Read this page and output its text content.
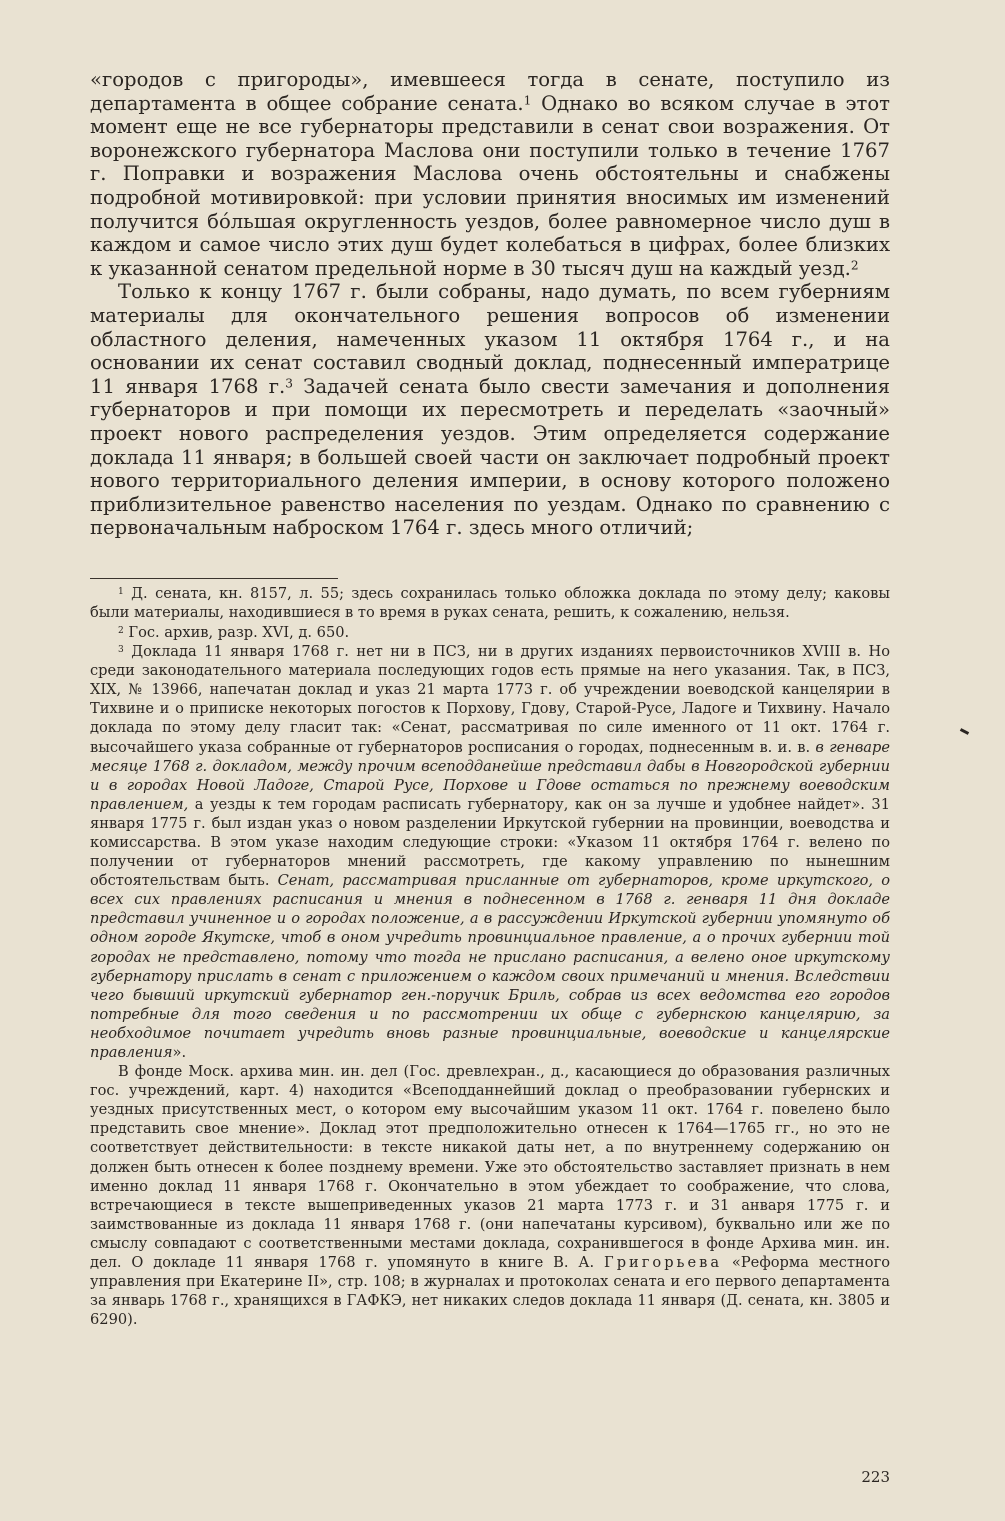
«городов с пригороды», имевшееся тогда в сенате, поступило из департамента в общее собрание сената.$^1$ Однако во всяком случае в этот момент еще не все губернаторы представили в сенат свои возражения. От воронежского губернатора Маслова они поступили только в течение 1767 г. Поправки и возражения Маслова очень обстоятельны и снабжены подробной мотивировкой: при условии принятия вносимых им изменений получится бóльшая округленность уездов, более равномерное число душ в каждом и самое число этих душ будет колебаться в цифрах, более близких к указанной сенатом предельной норме в 30 тысяч душ на каждый уезд.$^2$

Только к концу 1767 г. были собраны, надо думать, по всем губерниям материалы для окончательного решения вопросов об изменении областного деления, намеченных указом 11 октября 1764 г., и на основании их сенат составил сводный доклад, поднесенный императрице 11 января 1768 г.$^3$ Задачей сената было свести замечания и дополнения губернаторов и при помощи их пересмотреть и переделать «заочный» проект нового распределения уездов. Этим определяется содержание доклада 11 января; в большей своей части он заключает подробный проект нового территориального деления империи, в основу которого положено приблизительное равенство населения по уездам. Однако по сравнению с первоначальным наброском 1764 г. здесь много отличий;

$^1$ Д. сената, кн. 8157, л. 55; здесь сохранилась только обложка доклада по этому делу; каковы были материалы, находившиеся в то время в руках сената, решить, к сожалению, нельзя.

$^2$ Гос. архив, разр. XVI, д. 650.

$^3$ Доклада 11 января 1768 г. нет ни в ПСЗ, ни в других изданиях первоисточников XVIII в. Но среди законодательного материала последующих годов есть прямые на него указания. Так, в ПСЗ, XIX, № 13966, напечатан доклад и указ 21 марта 1773 г. об учреждении воеводской канцелярии в Тихвине и о приписке некоторых погостов к Порхову, Гдову, Старой-Русе, Ладоге и Тихвину. Начало доклада по этому делу гласит так: «Сенат, рассматривая по силе именного от 11 окт. 1764 г. высочайшего указа собранные от губернаторов росписания о городах, поднесенным в. и. в. в генваре месяце 1768 г. докладом, между прочим всеподданейше представил дабы в Новгородской губернии и в городах Новой Ладоге, Старой Русе, Порхове и Гдове остаться по прежнему воеводским правлением, а уезды к тем городам расписать губернатору, как он за лучше и удобнее найдет». 31 января 1775 г. был издан указ о новом разделении Иркутской губернии на провинции, воеводства и комиссарства. В этом указе находим следующие строки: «Указом 11 октября 1764 г. велено по получении от губернаторов мнений рассмотреть, где какому управлению по нынешним обстоятельствам быть. Сенат, рассматривая присланные от губернаторов, кроме иркутского, о всех сих правлениях расписания и мнения в поднесенном в 1768 г. генваря 11 дня докладе представил учиненное и о городах положение, а в рассуждении Иркутской губернии упомянуто об одном городе Якутске, чтоб в оном учредить провинциальное правление, а о прочих губернии той городах не представлено, потому что тогда не прислано расписания, а велено оное иркутскому губернатору прислать в сенат с приложением о каждом своих примечаний и мнения. Вследствии чего бывший иркутский губернатор ген.-поручик Бриль, собрав из всех ведомства его городов потребные для того сведения и по рассмотрении их обще с губернскою канцелярию, за необходимое почитает учредить вновь разные провинциальные, воеводские и канцелярские правления».

В фонде Моск. архива мин. ин. дел (Гос. древлехран., д., касающиеся до образования различных гос. учреждений, карт. 4) находится «Всеподданнейший доклад о преобразовании губернских и уездных присутственных мест, о котором ему высочайшим указом 11 окт. 1764 г. повелено было представить свое мнение». Доклад этот предположительно отнесен к 1764—1765 гг., но это не соответствует действительности: в тексте никакой даты нет, а по внутреннему содержанию он должен быть отнесен к более позднему времени. Уже это обстоятельство заставляет признать в нем именно доклад 11 января 1768 г. Окончательно в этом убеждает то соображение, что слова, встречающиеся в тексте вышеприведенных указов 21 марта 1773 г. и 31 анваря 1775 г. и заимствованные из доклада 11 января 1768 г. (они напечатаны курсивом), буквально или же по смыслу совпадают с соответственными местами доклада, сохранившегося в фонде Архива мин. ин. дел. О докладе 11 января 1768 г. упомянуто в книге В. А. Григорьева «Реформа местного управления при Екатерине II», стр. 108; в журналах и протоколах сената и его первого департамента за январь 1768 г., хранящихся в ГАФКЭ, нет никаких следов доклада 11 января (Д. сената, кн. 3805 и 6290).

223
